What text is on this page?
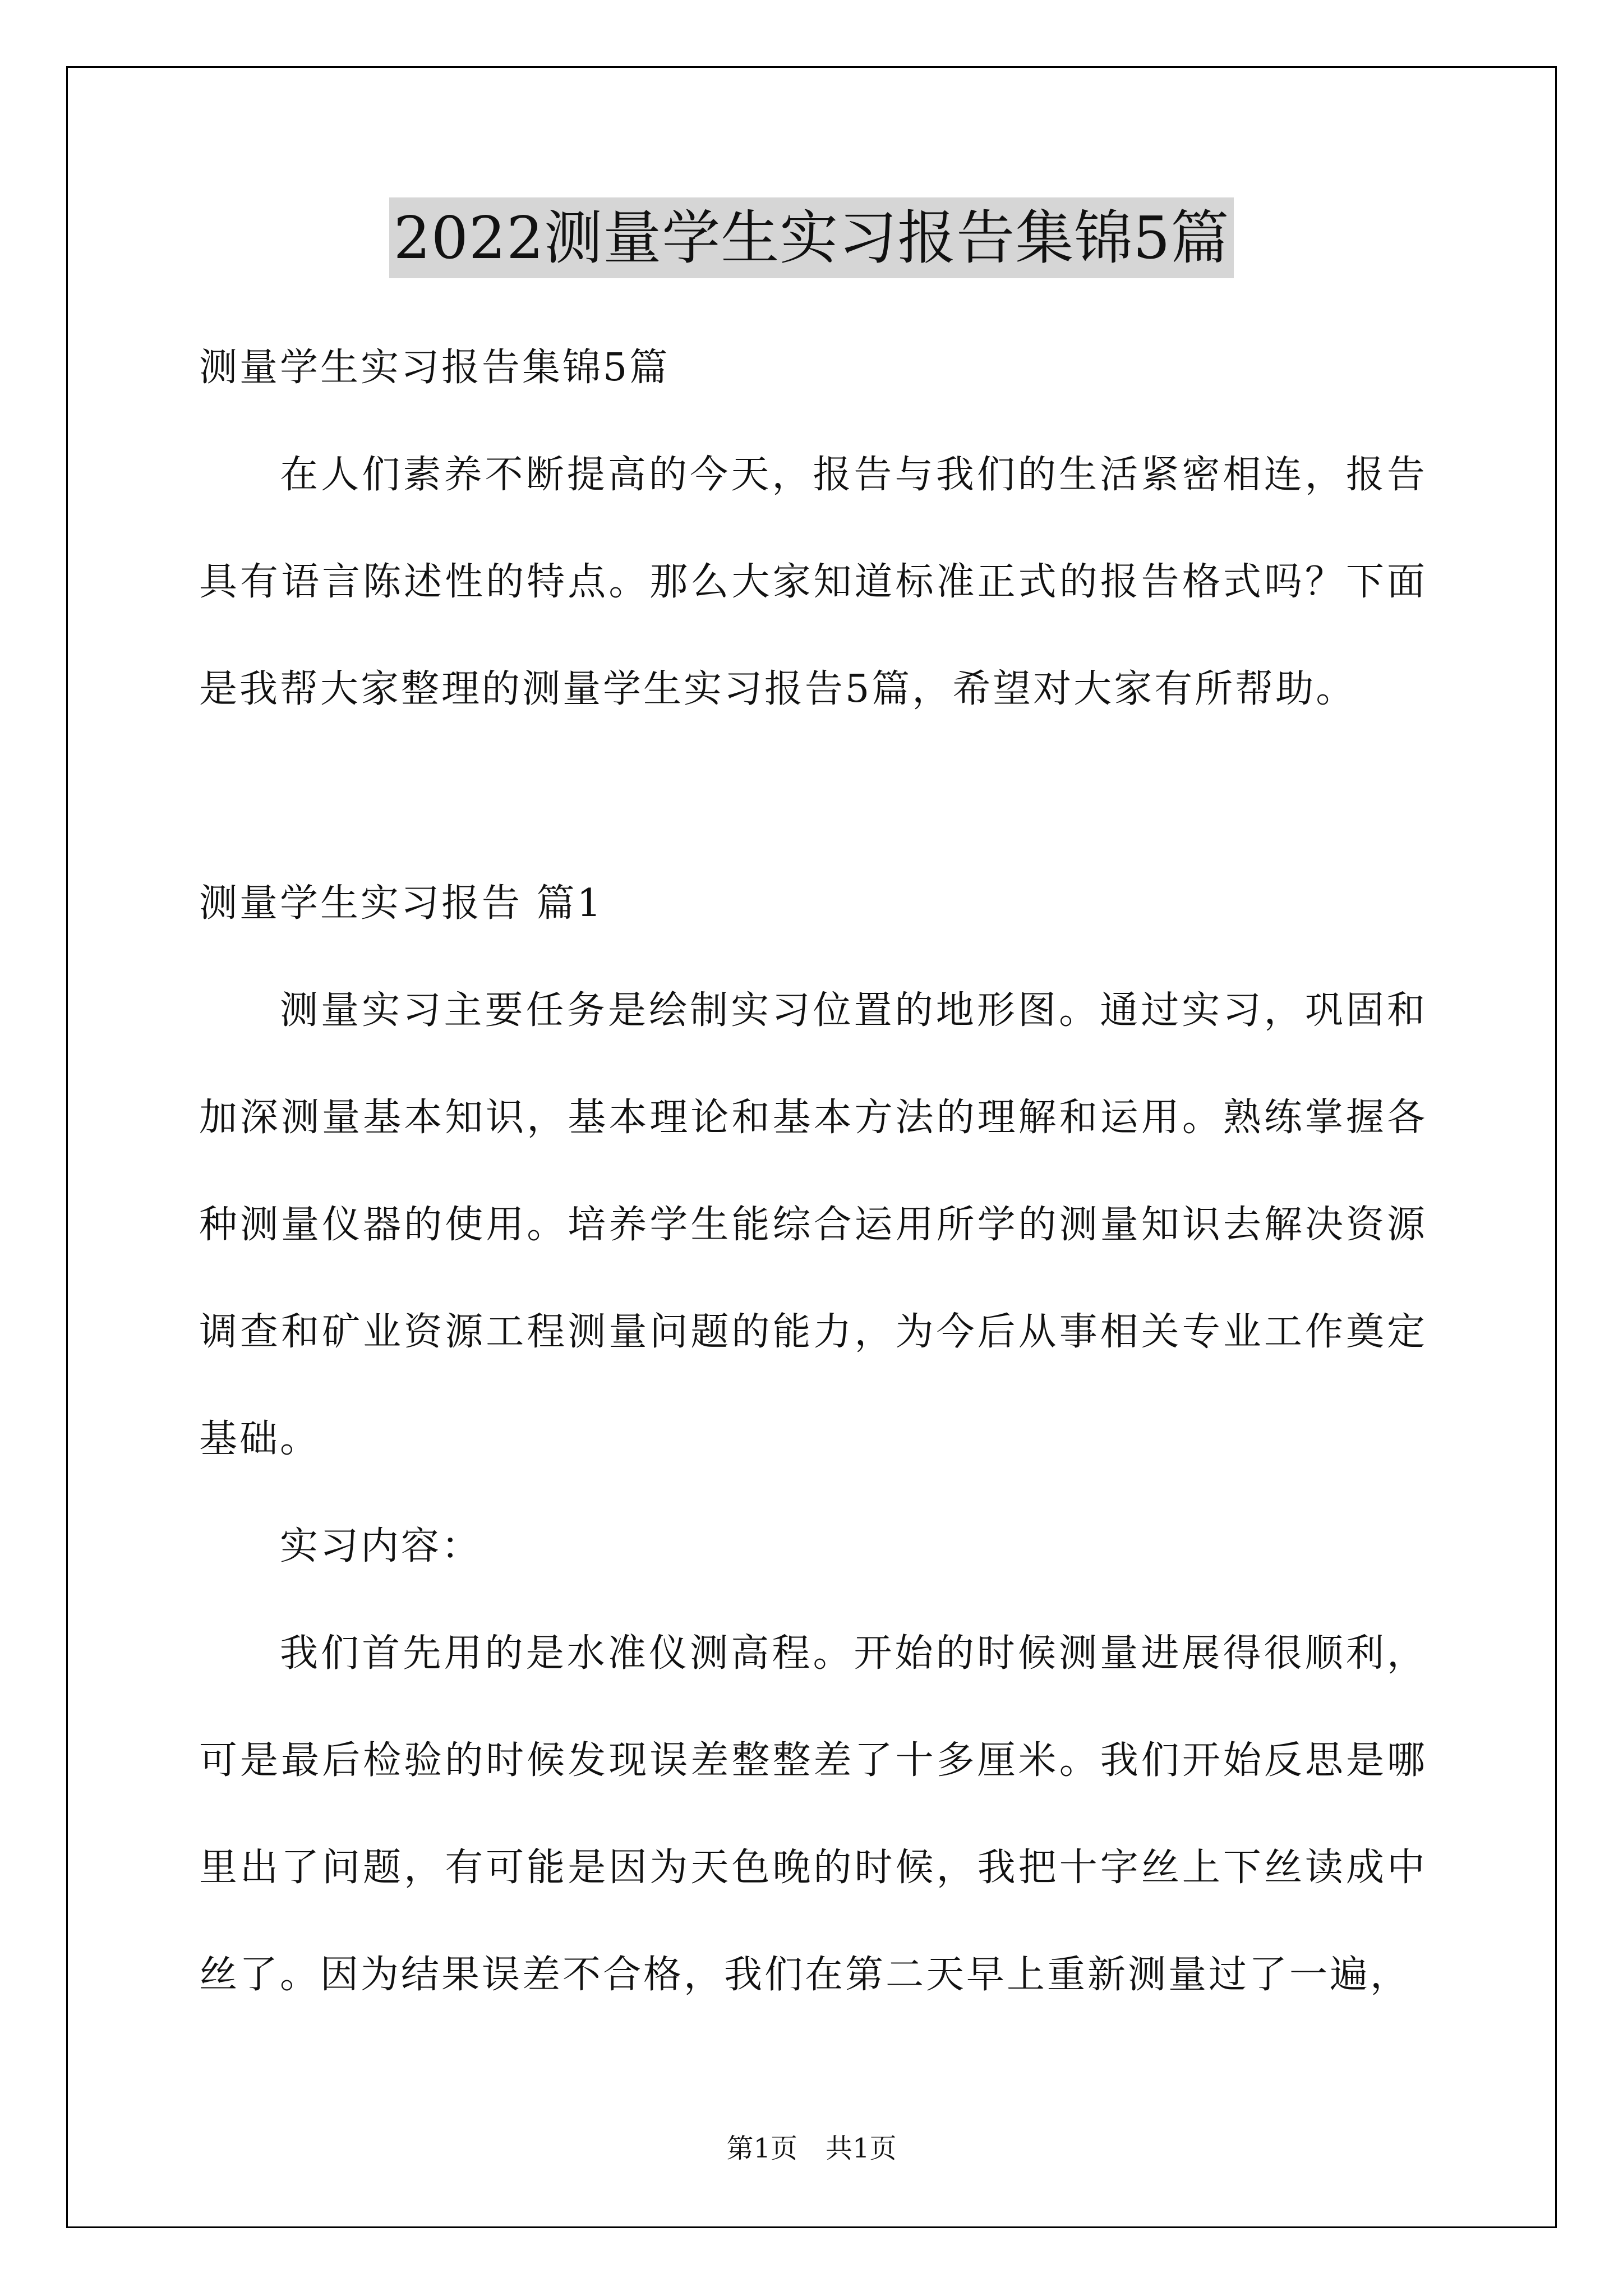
2022测量学生实习报告集锦5篇

测量学生实习报告集锦5篇

在人们素养不断提高的今天，报告与我们的生活紧密相连，报告具有语言陈述性的特点。那么大家知道标准正式的报告格式吗？下面是我帮大家整理的测量学生实习报告5篇，希望对大家有所帮助。

测量学生实习报告 篇1

测量实习主要任务是绘制实习位置的地形图。通过实习，巩固和加深测量基本知识，基本理论和基本方法的理解和运用。熟练掌握各种测量仪器的使用。培养学生能综合运用所学的测量知识去解决资源调查和矿业资源工程测量问题的能力，为今后从事相关专业工作奠定基础。

实习内容：

我们首先用的是水准仪测高程。开始的时候测量进展得很顺利，可是最后检验的时候发现误差整整差了十多厘米。我们开始反思是哪里出了问题，有可能是因为天色晚的时候，我把十字丝上下丝读成中丝了。因为结果误差不合格，我们在第二天早上重新测量过了一遍，

第1页 共1页
